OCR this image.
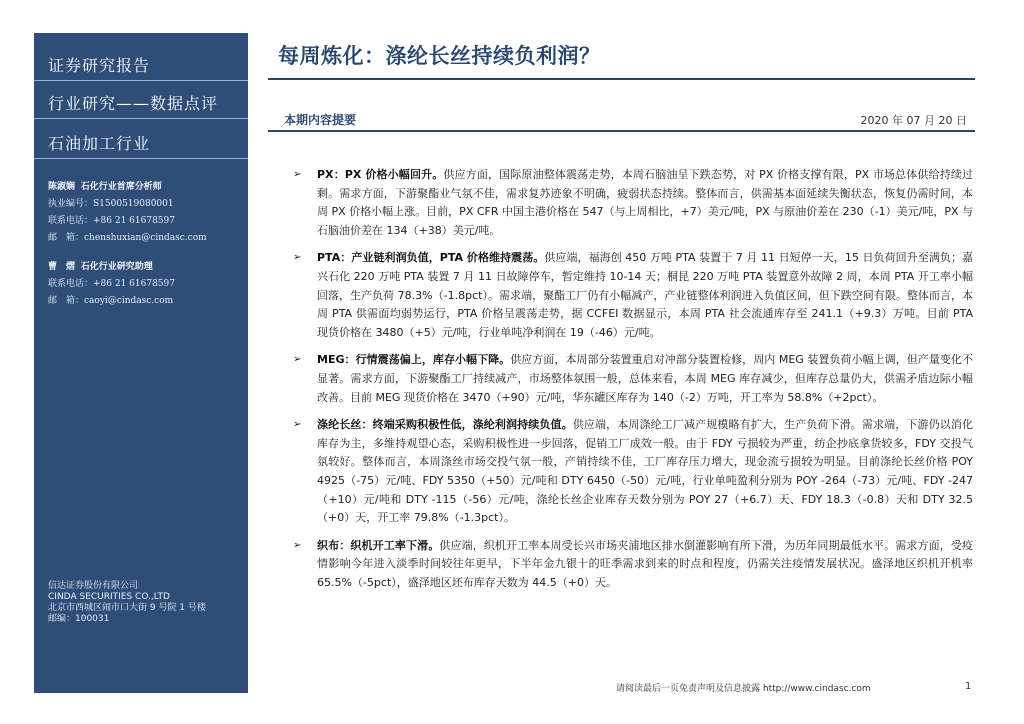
证券研究报告
行业研究——数据点评
石油加工行业
陈淑娴 石化行业首席分析师
执业编号：S1500519080001
联系电话：+86 21 61678597
邮　箱：chenshuxian@cindasc.com
曹　熠 石化行业研究助理
联系电话：+86 21 61678597
邮　箱：caoyi@cindasc.com
信达证券股份有限公司
CINDA SECURITIES CO.,LTD
北京市西城区闹市口大街 9 号院 1 号楼
邮编：100031
每周炼化：涤纶长丝持续负利润？
本期内容提要	2020 年 07 月 20 日
➢ PX：PX 价格小幅回升。供应方面，国际原油整体震荡走势，本周石脑油呈下跌态势，对 PX 价格支撑有限，PX 市场总体供给持续过剩。需求方面，下游聚酯业气氛不佳，需求复苏迹象不明确，疲弱状态持续。整体而言，供需基本面延续失衡状态，恢复仍需时间，本周 PX 价格小幅上涨。目前，PX CFR 中国主港价格在 547（与上周相比，+7）美元/吨，PX 与原油价差在 230（-1）美元/吨，PX 与石脑油价差在 134（+38）美元/吨。
➢ PTA：产业链利润负值，PTA 价格维持震荡。供应端，福海创 450 万吨 PTA 装置于 7 月 11 日短停一天，15 日负荷回升至满负；嘉兴石化 220 万吨 PTA 装置 7 月 11 日故障停车，暂定维持 10-14 天；桐昆 220 万吨 PTA 装置意外故障 2 周，本周 PTA 开工率小幅回落，生产负荷 78.3%（-1.8pct）。需求端，聚酯工厂仍有小幅减产，产业链整体利润进入负值区间，但下跌空间有限。整体而言，本周 PTA 供需面均弱势运行，PTA 价格呈震荡走势，据 CCFEI 数据显示，本周 PTA 社会流通库存至 241.1（+9.3）万吨。目前 PTA 现货价格在 3480（+5）元/吨，行业单吨净利润在 19（-46）元/吨。
➢ MEG：行情震荡偏上，库存小幅下降。供应方面，本周部分装置重启对冲部分装置检修，周内 MEG 装置负荷小幅上调，但产量变化不显著。需求方面，下游聚酯工厂持续减产，市场整体氛围一般，总体来看，本周 MEG 库存减少，但库存总量仍大，供需矛盾边际小幅改善。目前 MEG 现货价格在 3470（+90）元/吨，华东罐区库存为 140（-2）万吨，开工率为 58.8%（+2pct）。
➢ 涤纶长丝：终端采购积极性低，涤纶利润持续负值。供应端，本周涤纶工厂减产规模略有扩大，生产负荷下滑。需求端，下游仍以消化库存为主，多维持观望心态，采购积极性进一步回落，促销工厂成效一般。由于 FDY 亏损较为严重，纺企抄底拿货较多，FDY 交投气氛较好。整体而言，本周涤丝市场交投气氛一般，产销持续不佳，工厂库存压力增大，现金流亏损较为明显。目前涤纶长丝价格 POY 4925（-75）元/吨、FDY 5350（+50）元/吨和 DTY 6450（-50）元/吨，行业单吨盈利分别为 POY -264（-73）元/吨、FDY -247（+10）元/吨和 DTY -115（-56）元/吨，涤纶长丝企业库存天数分别为 POY 27（+6.7）天、FDY 18.3（-0.8）天和 DTY 32.5（+0）天，开工率 79.8%（-1.3pct）。
➢ 织布：织机开工率下滑。供应端，织机开工率本周受长兴市场夹浦地区排水倒灌影响有所下滑，为历年同期最低水平。需求方面，受疫情影响今年进入淡季时间较往年更早，下半年金九银十的旺季需求到来的时点和程度，仍需关注疫情发展状况。盛泽地区织机开机率 65.5%（-5pct），盛泽地区坯布库存天数为 44.5（+0）天。
请阅读最后一页免责声明及信息披露 http://www.cindasc.com	1
